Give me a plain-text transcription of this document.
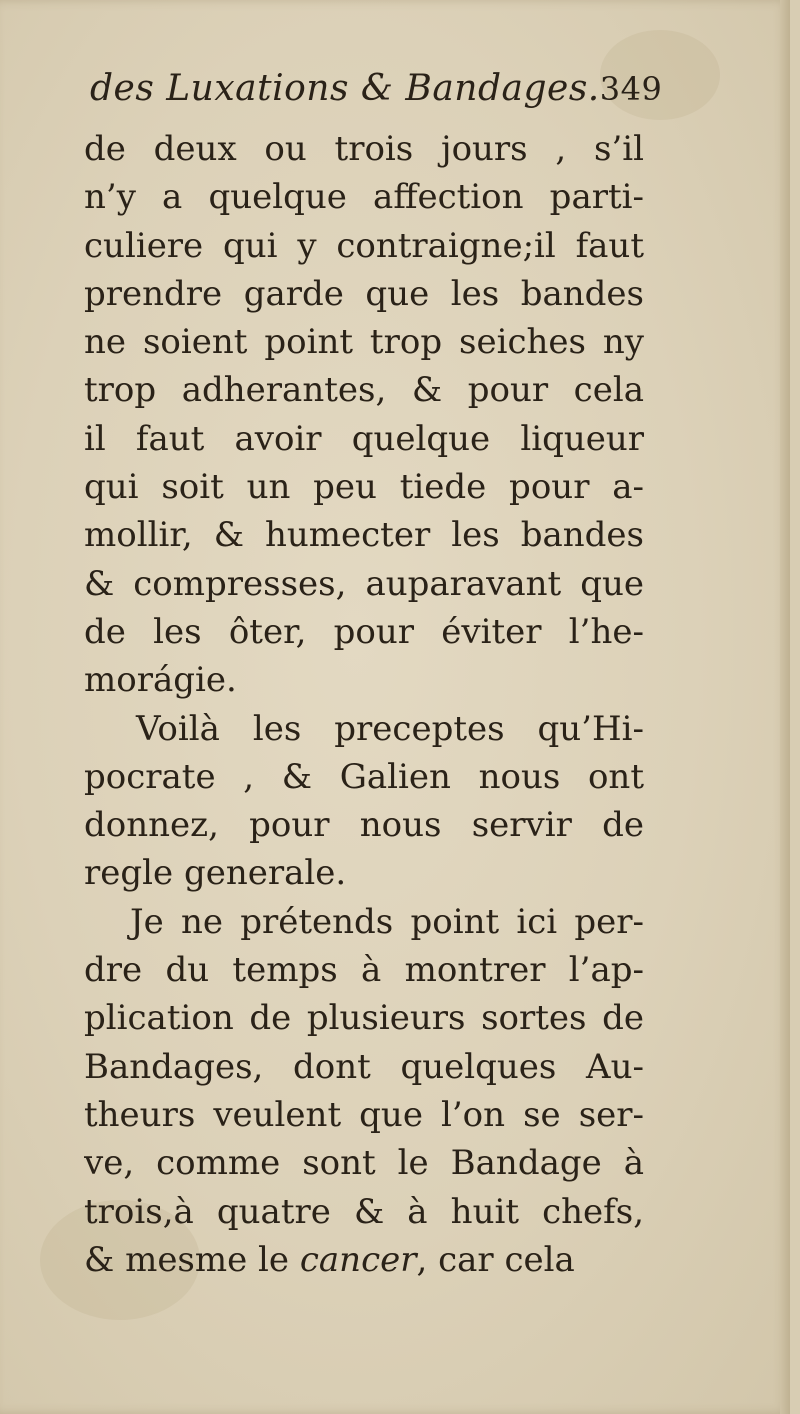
des Luxations & Bandages.349
de deux ou trois jours , s’il
n’y a quelque affection parti-
culiere qui y contraigne;il faut
prendre garde que les bandes
ne soient point trop seiches ny
trop adherantes, & pour cela
il faut avoir quelque liqueur
qui soit un peu tiede pour a-
mollir, & humecter les bandes
& compresses, auparavant que
de les ôter, pour éviter l’he-
morágie.
Voilà les preceptes qu’Hi-
pocrate , & Galien nous ont
donnez, pour nous servir de
regle generale.
Je ne prétends point ici per-
dre du temps à montrer l’ap-
plication de plusieurs sortes de
Bandages, dont quelques Au-
theurs veulent que l’on se ser-
ve, comme sont le Bandage à
trois,à quatre & à huit chefs,
& mesme le cancer, car cela
